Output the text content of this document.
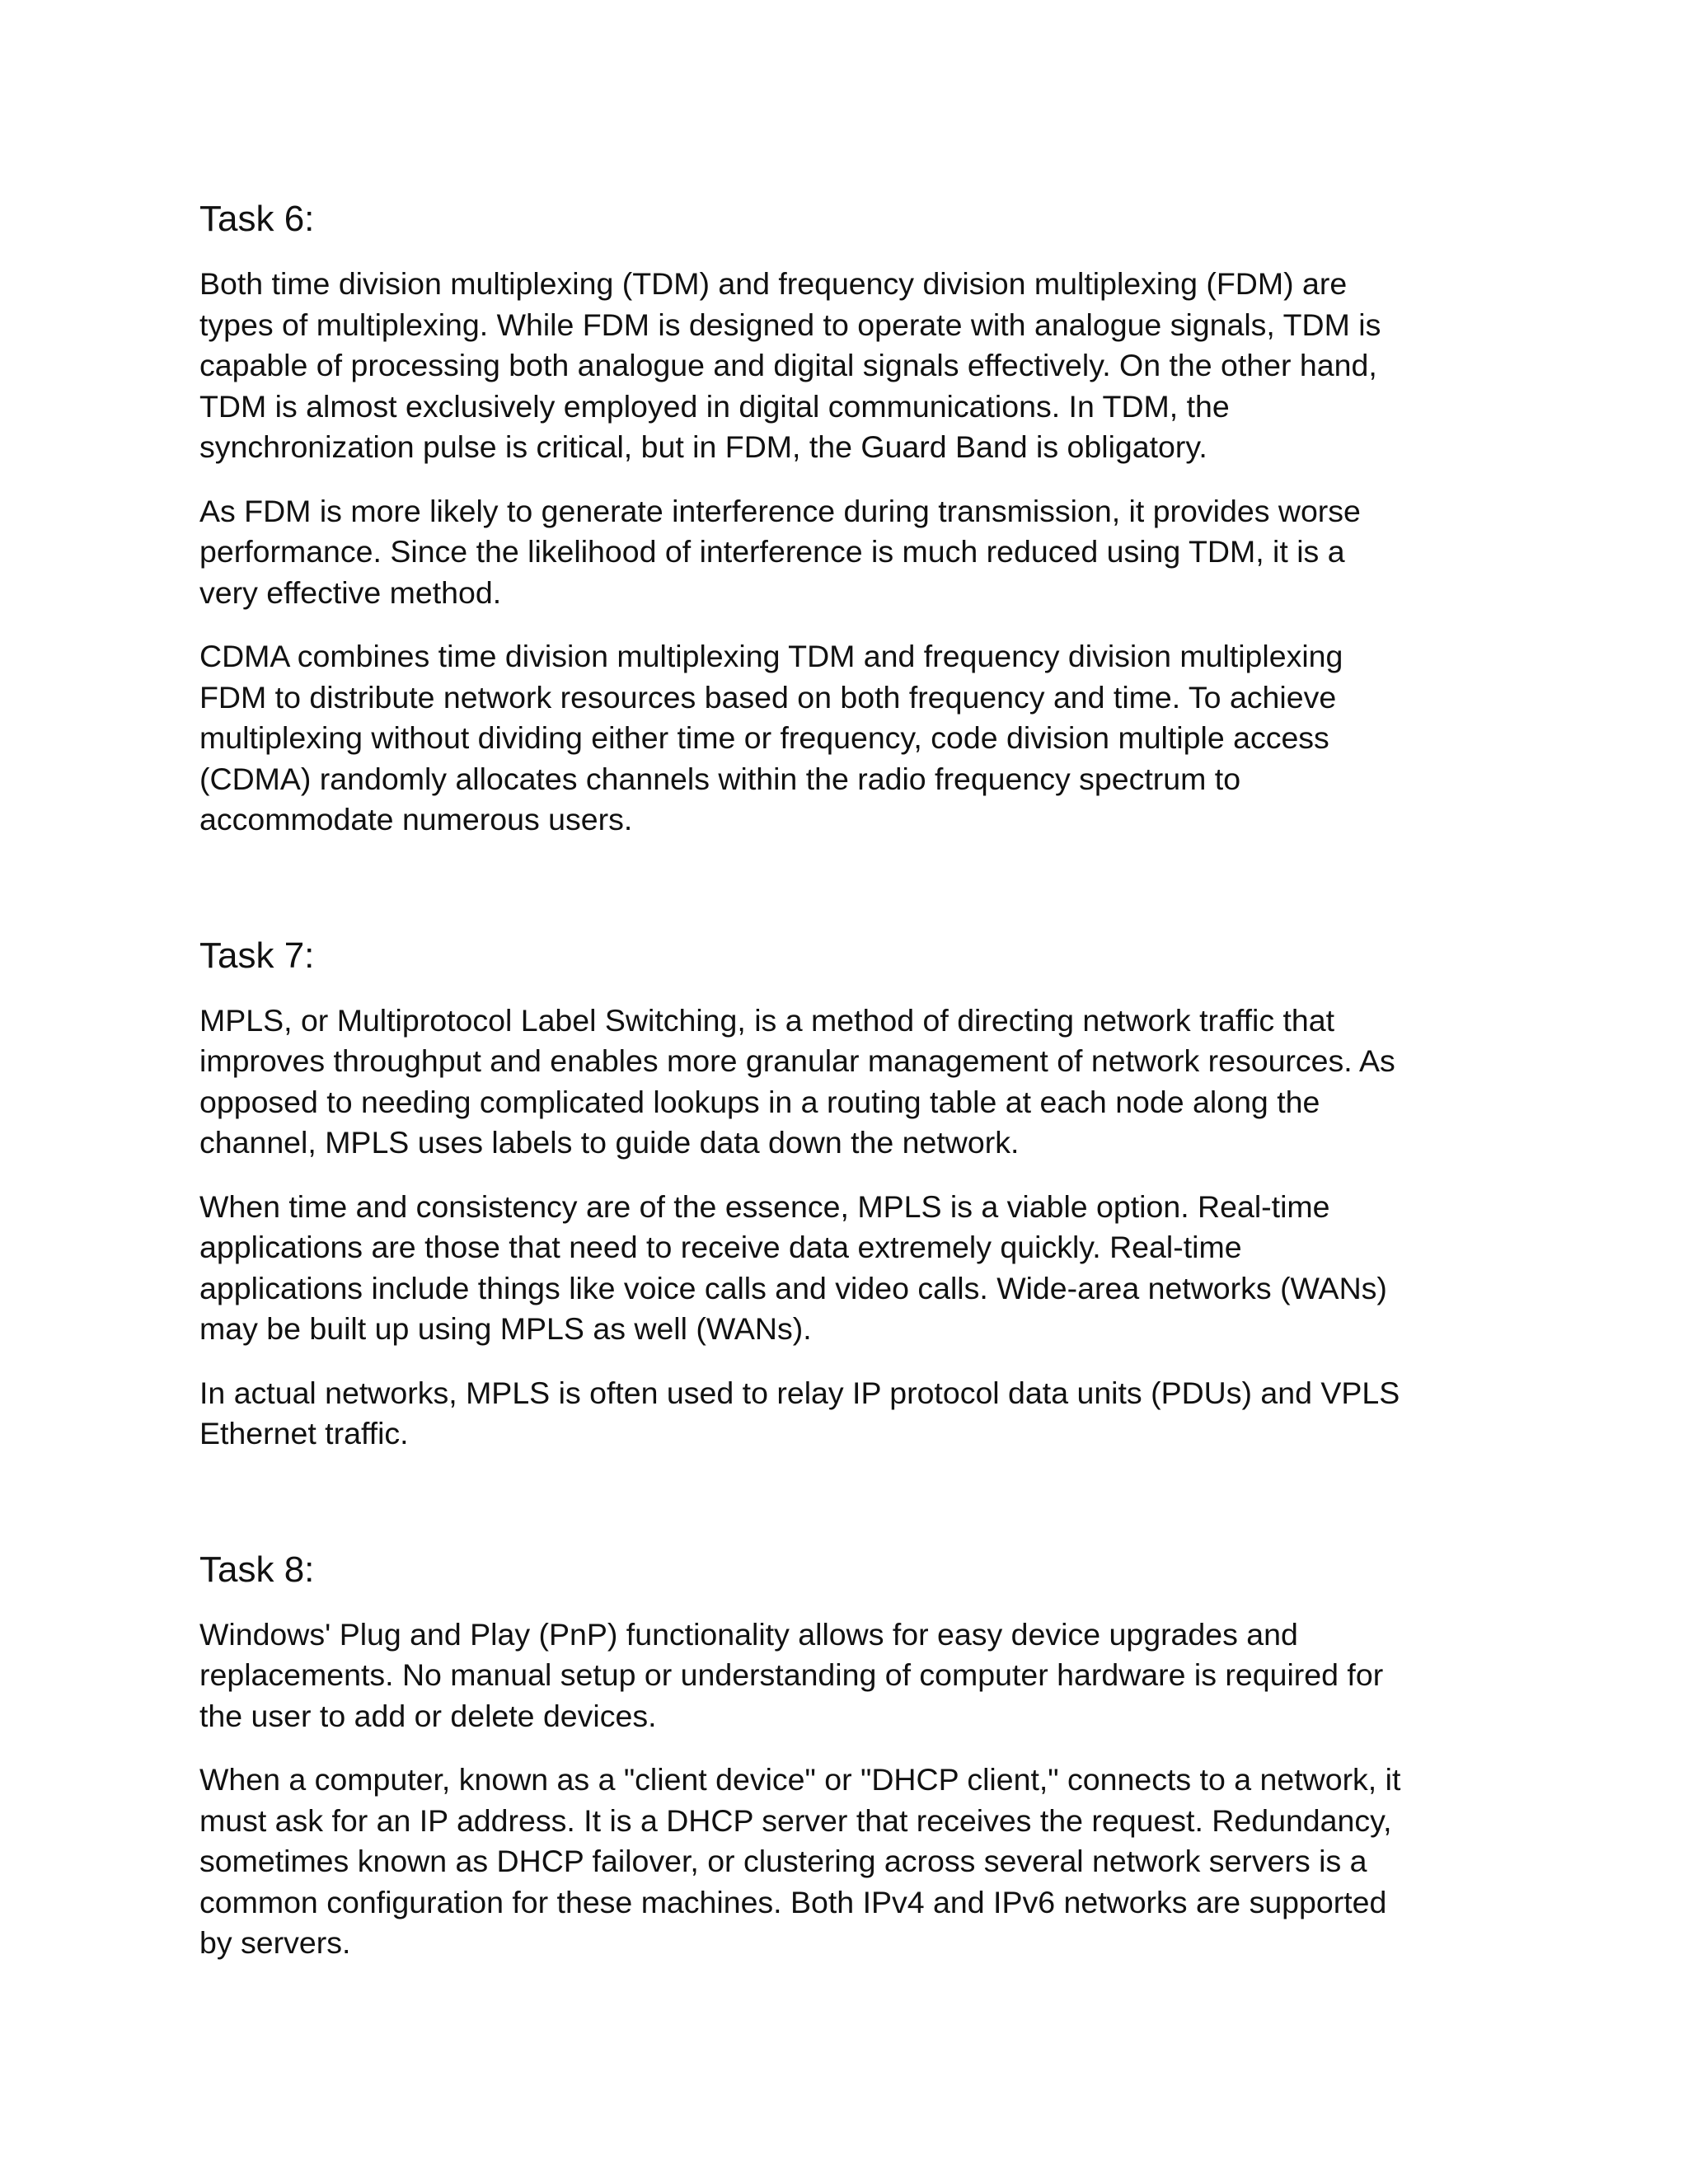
Task 6:

Both time division multiplexing (TDM) and frequency division multiplexing (FDM) are
types of multiplexing. While FDM is designed to operate with analogue signals, TDM is
capable of processing both analogue and digital signals effectively. On the other hand,
TDM is almost exclusively employed in digital communications. In TDM, the
synchronization pulse is critical, but in FDM, the Guard Band is obligatory.

As FDM is more likely to generate interference during transmission, it provides worse
performance. Since the likelihood of interference is much reduced using TDM, it is a
very effective method.

CDMA combines time division multiplexing TDM and frequency division multiplexing
FDM to distribute network resources based on both frequency and time. To achieve
multiplexing without dividing either time or frequency, code division multiple access
(CDMA) randomly allocates channels within the radio frequency spectrum to
accommodate numerous users.

Task 7:

MPLS, or Multiprotocol Label Switching, is a method of directing network traffic that
improves throughput and enables more granular management of network resources. As
opposed to needing complicated lookups in a routing table at each node along the
channel, MPLS uses labels to guide data down the network.

When time and consistency are of the essence, MPLS is a viable option. Real-time
applications are those that need to receive data extremely quickly. Real-time
applications include things like voice calls and video calls. Wide-area networks (WANs)
may be built up using MPLS as well (WANs).

In actual networks, MPLS is often used to relay IP protocol data units (PDUs) and VPLS
Ethernet traffic.

Task 8:

Windows' Plug and Play (PnP) functionality allows for easy device upgrades and
replacements. No manual setup or understanding of computer hardware is required for
the user to add or delete devices.

When a computer, known as a "client device" or "DHCP client," connects to a network, it
must ask for an IP address. It is a DHCP server that receives the request. Redundancy,
sometimes known as DHCP failover, or clustering across several network servers is a
common configuration for these machines. Both IPv4 and IPv6 networks are supported
by servers.
